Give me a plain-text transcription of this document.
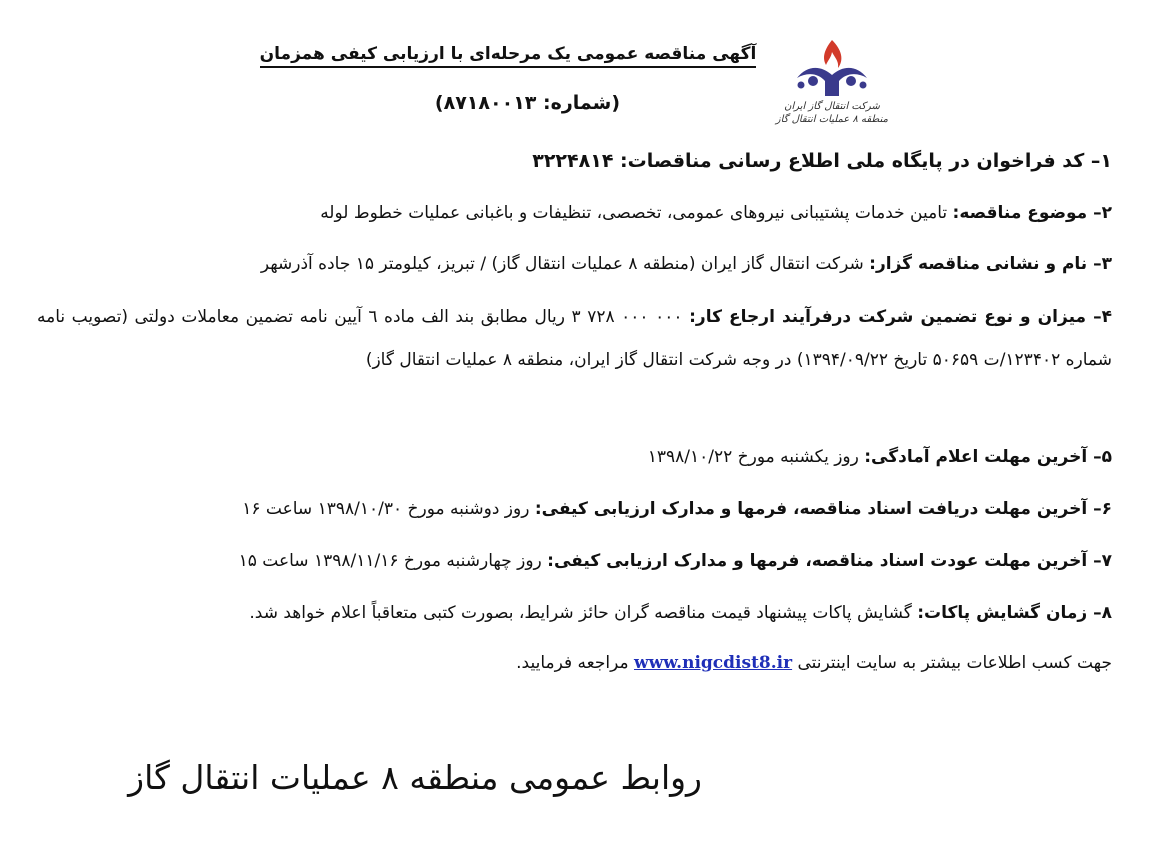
شرکت انتقال گاز ایران
منطقه ۸ عملیات انتقال گاز
آگهی مناقصه عمومی یک مرحله‌ای با ارزیابی کیفی همزمان
(شماره: ۸۷۱۸۰۰۱۳)
۱– کد فراخوان در پایگاه ملی اطلاع رسانی مناقصات: ۳۲۲۴۸۱۴
۲– موضوع مناقصه: تامین خدمات پشتیبانی نیروهای عمومی، تخصصی، تنظیفات و باغبانی عملیات خطوط لوله
۳– نام و نشانی مناقصه گزار: شرکت انتقال گاز ایران (منطقه ۸ عملیات انتقال گاز) / تبریز، کیلومتر ۱۵ جاده آذرشهر
۴– میزان و نوع تضمین شرکت درفرآیند ارجاع کار: ۰۰۰ ۰۰۰ ۷۲۸ ۳ ریال مطابق بند الف ماده ٦ آیین نامه تضمین معاملات دولتی (تصویب نامه شماره ۱۲۳۴۰۲/ت ۵۰۶۵۹ تاریخ ۱۳۹۴/۰۹/۲۲) در وجه شرکت انتقال گاز ایران، منطقه ۸ عملیات انتقال گاز)
۵– آخرین مهلت اعلام آمادگی: روز یکشنبه مورخ ۱۳۹۸/۱۰/۲۲
۶– آخرین مهلت دریافت اسناد مناقصه، فرمها و مدارک ارزیابی کیفی: روز دوشنبه مورخ ۱۳۹۸/۱۰/۳۰ ساعت ۱۶
۷– آخرین مهلت عودت اسناد مناقصه، فرمها و مدارک ارزیابی کیفی: روز چهارشنبه مورخ ۱۳۹۸/۱۱/۱۶ ساعت ۱۵
۸– زمان گشایش پاکات: گشایش پاکات پیشنهاد قیمت مناقصه گران حائز شرایط، بصورت کتبی متعاقباً اعلام خواهد شد.
جهت کسب اطلاعات بیشتر به سایت اینترنتی www.nigcdist8.ir مراجعه فرمایید.
روابط عمومی منطقه ۸ عملیات انتقال گاز
